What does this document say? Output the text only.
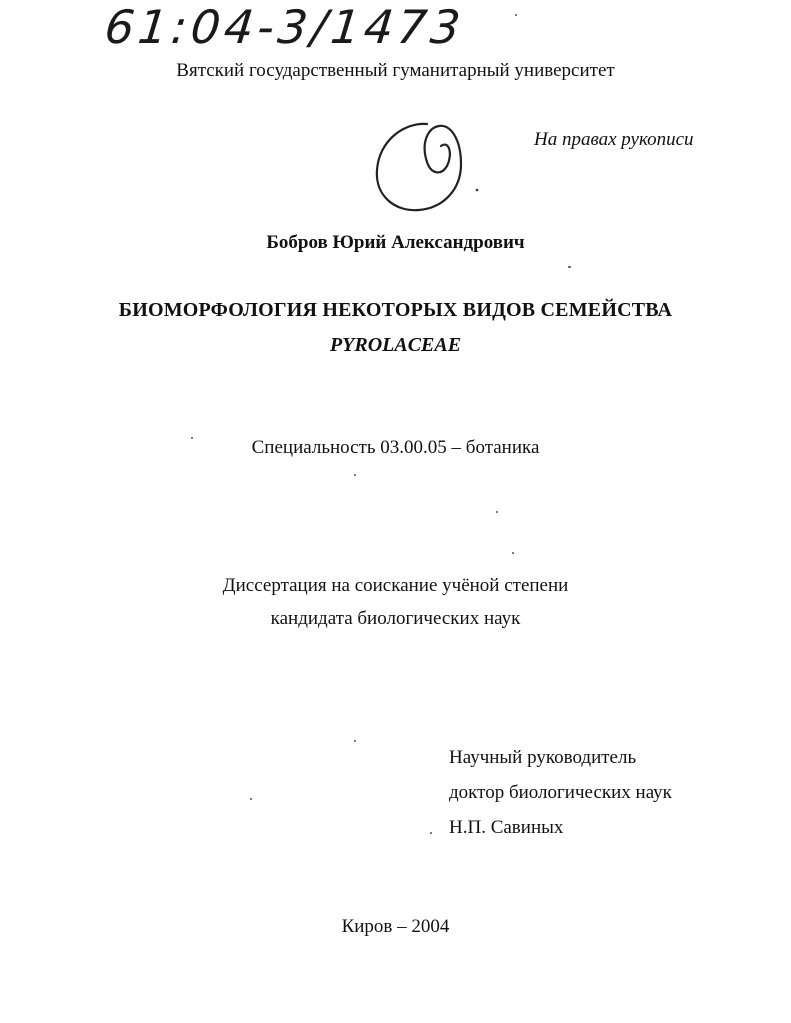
61:04-3/1473
Вятский государственный гуманитарный университет
На правах рукописи
Бобров Юрий Александрович
БИОМОРФОЛОГИЯ НЕКОТОРЫХ ВИДОВ СЕМЕЙСТВА
PYROLACEAE
Специальность 03.00.05 – ботаника
Диссертация на соискание учёной степени
кандидата биологических наук
Научный руководитель
доктор биологических наук
Н.П. Савиных
Киров – 2004
